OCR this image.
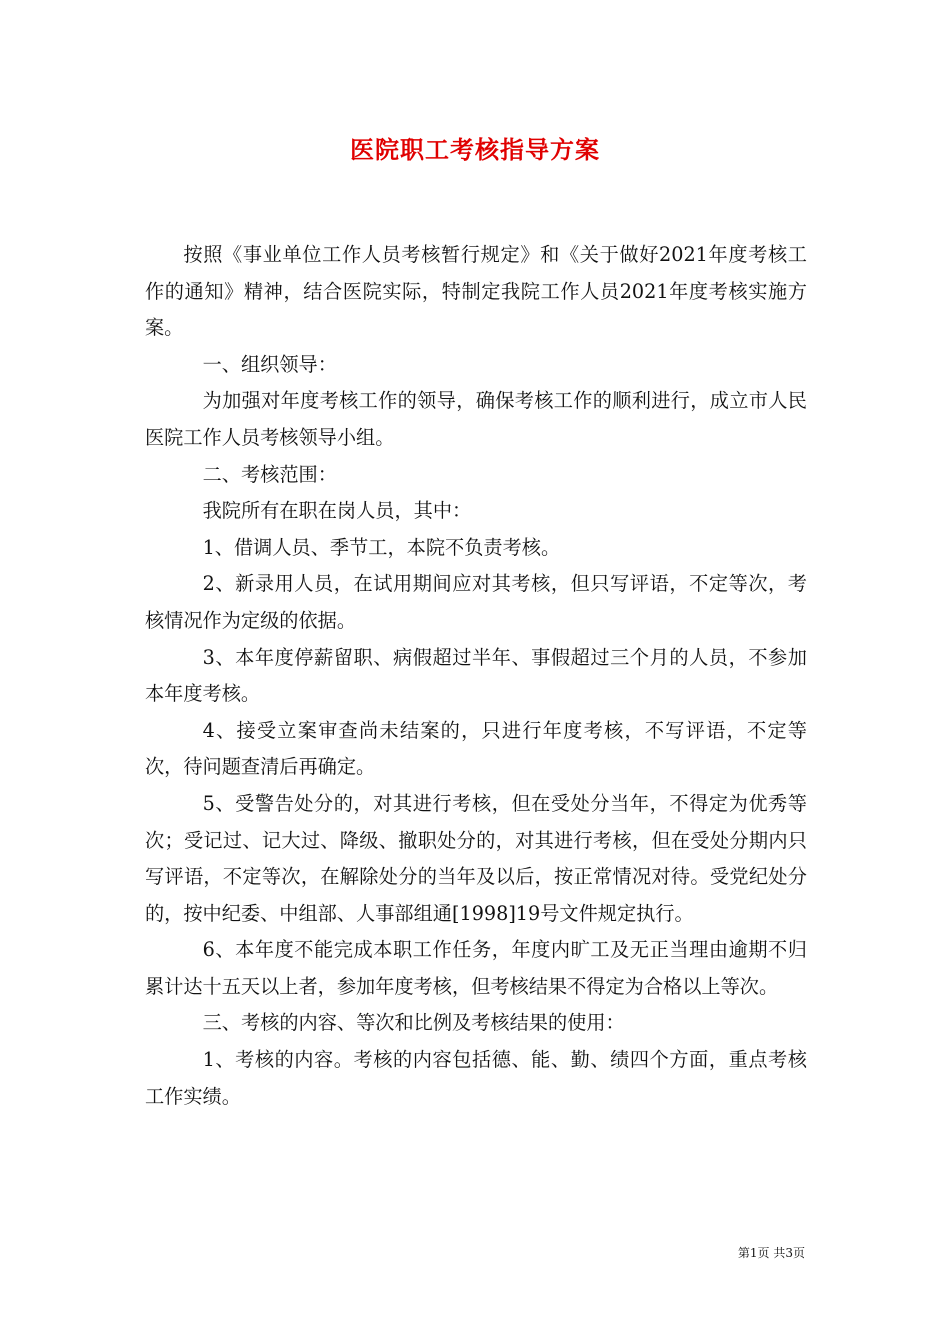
医院职工考核指导方案

按照《事业单位工作人员考核暂行规定》和《关于做好2021年度考核工作的通知》精神，结合医院实际，特制定我院工作人员2021年度考核实施方案。

一、组织领导：

为加强对年度考核工作的领导，确保考核工作的顺利进行，成立市人民医院工作人员考核领导小组。

二、考核范围：

我院所有在职在岗人员，其中：

1、借调人员、季节工，本院不负责考核。

2、新录用人员，在试用期间应对其考核，但只写评语，不定等次，考核情况作为定级的依据。

3、本年度停薪留职、病假超过半年、事假超过三个月的人员，不参加本年度考核。

4、接受立案审查尚未结案的，只进行年度考核，不写评语，不定等次，待问题查清后再确定。

5、受警告处分的，对其进行考核，但在受处分当年，不得定为优秀等次；受记过、记大过、降级、撤职处分的，对其进行考核，但在受处分期内只写评语，不定等次，在解除处分的当年及以后，按正常情况对待。受党纪处分的，按中纪委、中组部、人事部组通[1998]19号文件规定执行。

6、本年度不能完成本职工作任务，年度内旷工及无正当理由逾期不归累计达十五天以上者，参加年度考核，但考核结果不得定为合格以上等次。

三、考核的内容、等次和比例及考核结果的使用：

1、考核的内容。考核的内容包括德、能、勤、绩四个方面，重点考核工作实绩。

第1页 共3页
